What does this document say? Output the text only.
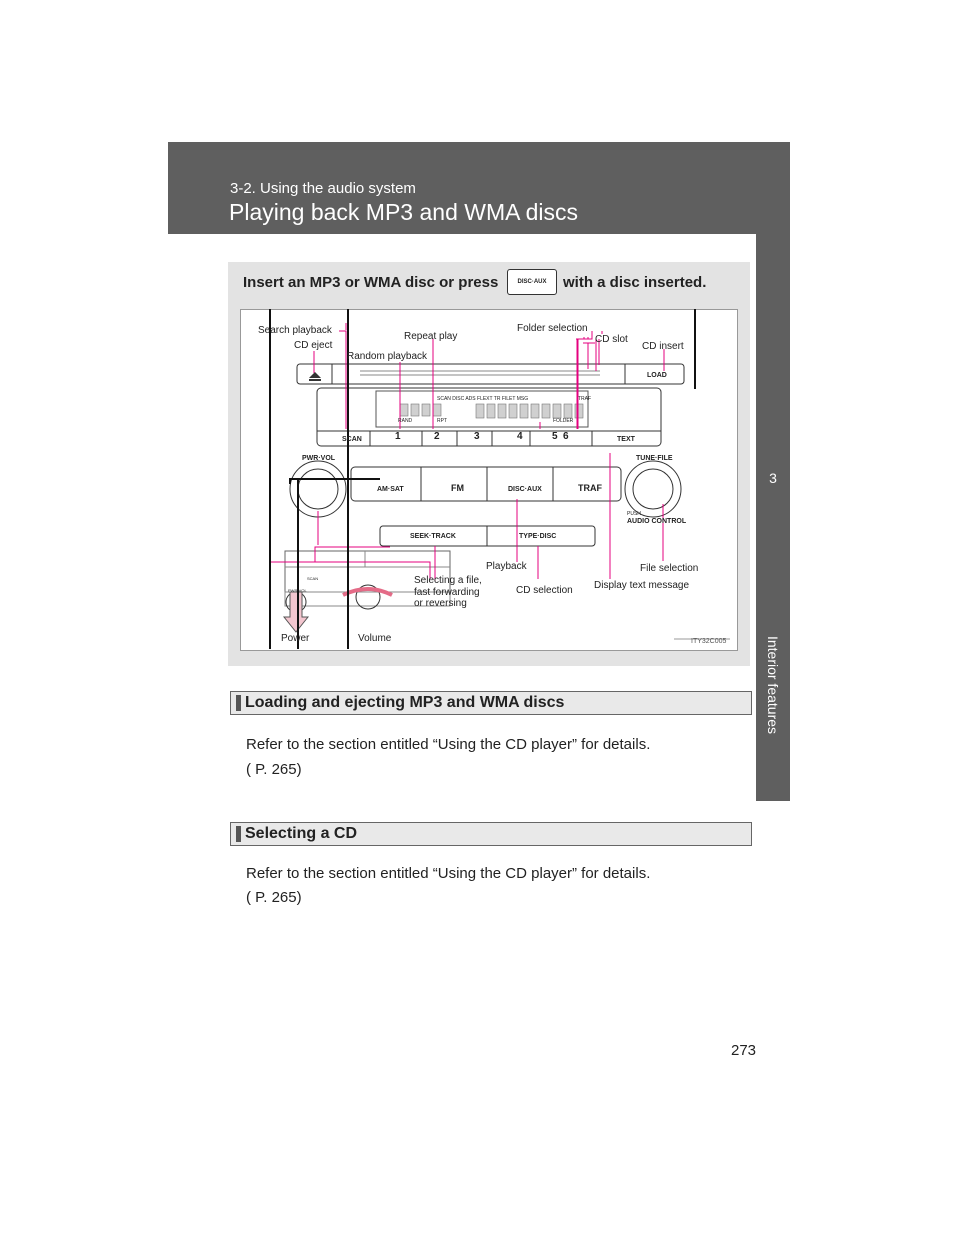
3-2. Using the audio system
Playing back MP3 and WMA discs
3
Interior features
Insert an MP3 or WMA disc or press	DISC·AUX	with a disc inserted.
Search playback
CD eject
Random playback
Repeat play
Folder selection
CD slot
CD insert
Playback
Selecting a file,
fast forwarding
or reversing
CD selection Display text message
File selection
Power	Volume
LOAD
SCAN	TEXT
1	2	3	4	5 6
SCAN DISC ADS FLEXT TR FILET MSG
RAND	RPT	FOLDER
TRAF
PWR·VOL	TUNE·FILE
AM·SAT	FM	DISC·AUX	TRAF
PUSH
AUDIO CONTROL
SEEK·TRACK	TYPE·DISC
SCAN
PWR·VOL
ITY32C005
Loading and ejecting MP3 and WMA discs
Refer to the section entitled “Using the CD player” for details.
( P. 265)
Selecting a CD
Refer to the section entitled “Using the CD player” for details.
( P. 265)
273
